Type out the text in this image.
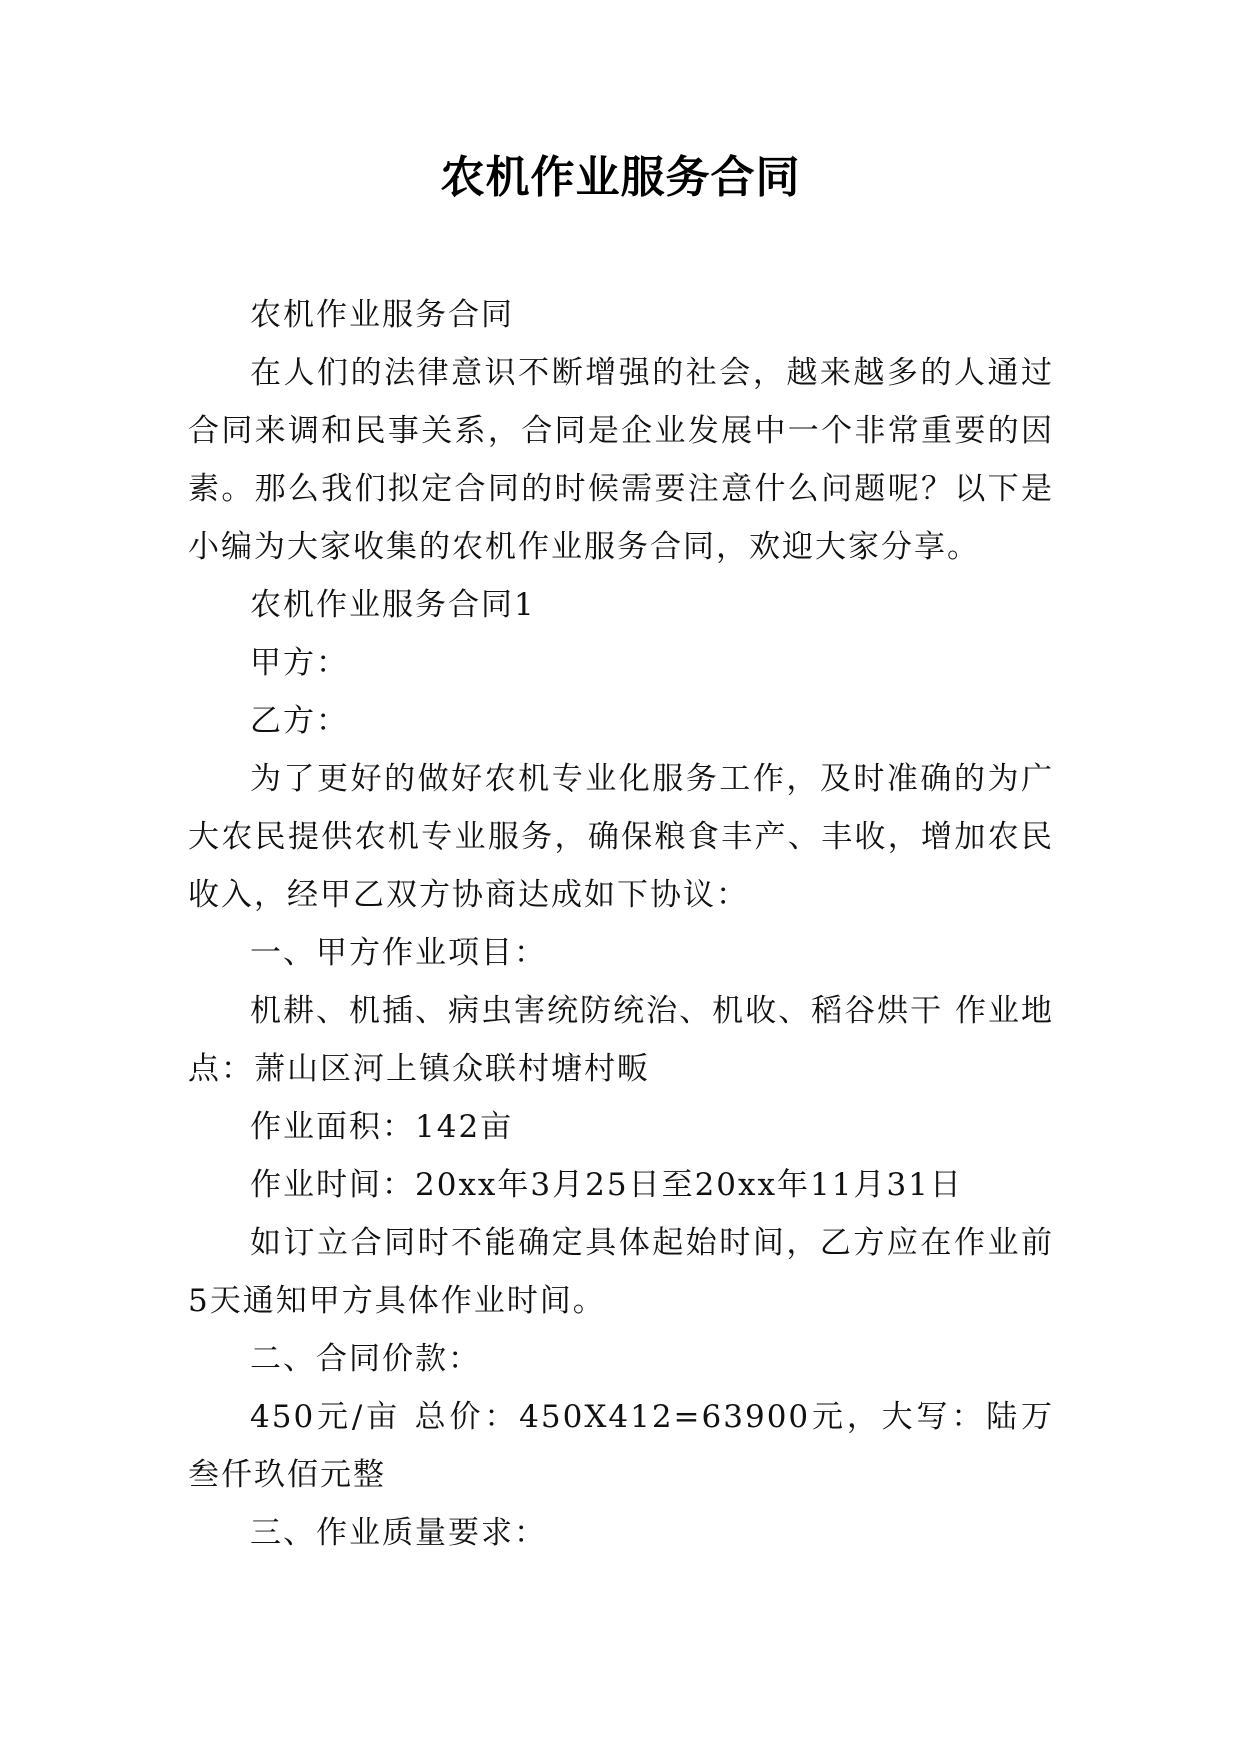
农机作业服务合同

农机作业服务合同

在人们的法律意识不断增强的社会，越来越多的人通过合同来调和民事关系，合同是企业发展中一个非常重要的因素。那么我们拟定合同的时候需要注意什么问题呢？以下是小编为大家收集的农机作业服务合同，欢迎大家分享。

农机作业服务合同1

甲方：

乙方：

为了更好的做好农机专业化服务工作，及时准确的为广大农民提供农机专业服务，确保粮食丰产、丰收，增加农民收入，经甲乙双方协商达成如下协议：

一、甲方作业项目：

机耕、机插、病虫害统防统治、机收、稻谷烘干 作业地点：萧山区河上镇众联村塘村畈

作业面积：142亩

作业时间：20xx年3月25日至20xx年11月31日

如订立合同时不能确定具体起始时间，乙方应在作业前5天通知甲方具体作业时间。

二、合同价款：

450元/亩 总价：450X412=63900元，大写：陆万叁仟玖佰元整

三、作业质量要求：
